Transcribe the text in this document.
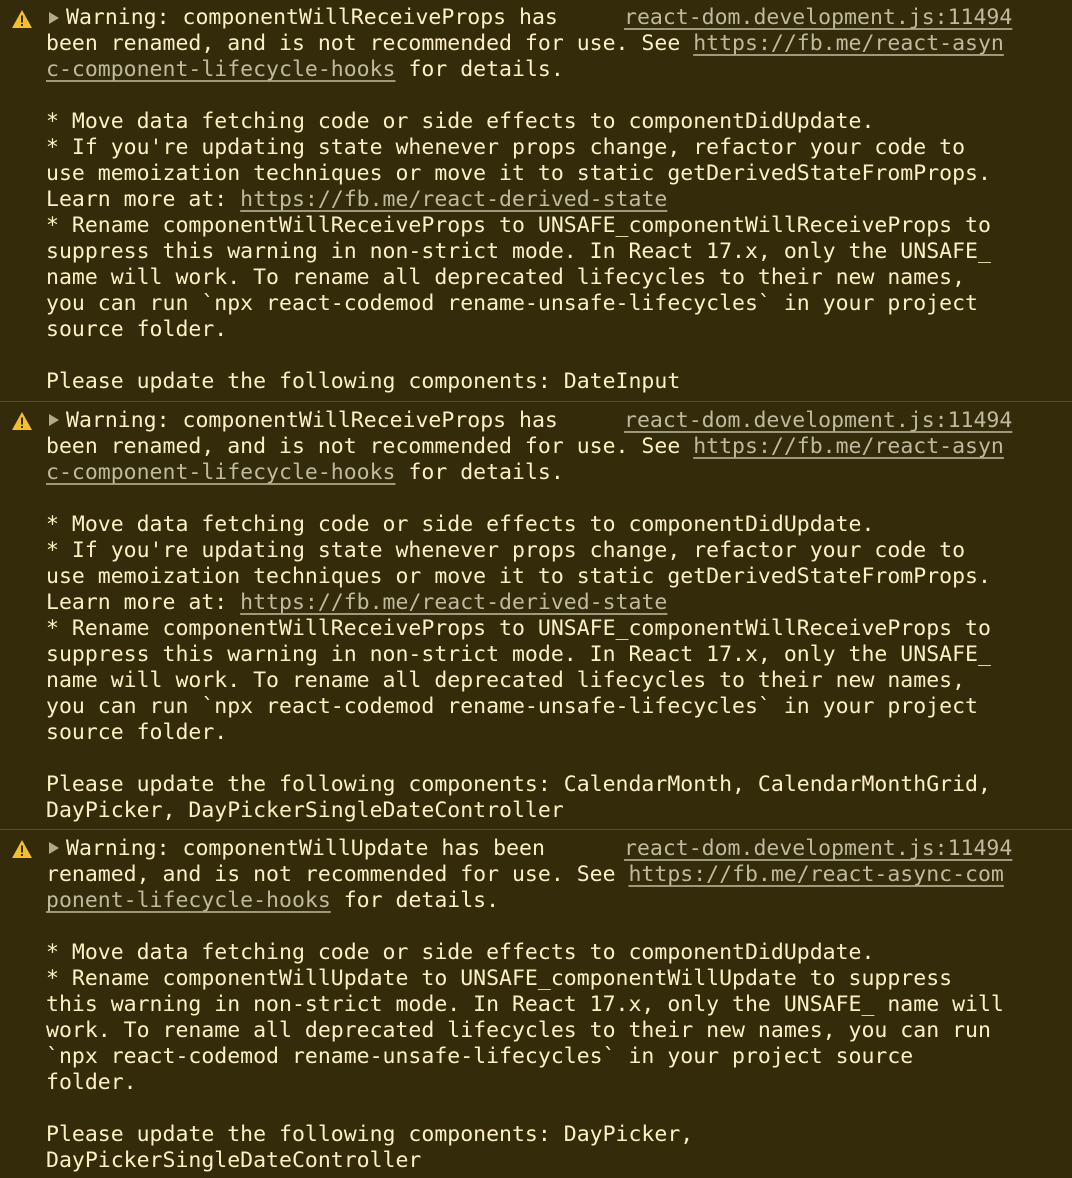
Warning: componentWillReceiveProps has	react-dom.development.js:11494
been renamed, and is not recommended for use. See https://fb.me/react-asyn
c-component-lifecycle-hooks for details.
* Move data fetching code or side effects to componentDidUpdate.
* If you're updating state whenever props change, refactor your code to
use memoization techniques or move it to static getDerivedStateFromProps.
Learn more at: https://fb.me/react-derived-state
* Rename componentWillReceiveProps to UNSAFE_componentWillReceiveProps to
suppress this warning in non-strict mode. In React 17.x, only the UNSAFE_
name will work. To rename all deprecated lifecycles to their new names,
you can run `npx react-codemod rename-unsafe-lifecycles` in your project
source folder.
Please update the following components: DateInput
Warning: componentWillReceiveProps has	react-dom.development.js:11494
been renamed, and is not recommended for use. See https://fb.me/react-asyn
c-component-lifecycle-hooks for details.
* Move data fetching code or side effects to componentDidUpdate.
* If you're updating state whenever props change, refactor your code to
use memoization techniques or move it to static getDerivedStateFromProps.
Learn more at: https://fb.me/react-derived-state
* Rename componentWillReceiveProps to UNSAFE_componentWillReceiveProps to
suppress this warning in non-strict mode. In React 17.x, only the UNSAFE_
name will work. To rename all deprecated lifecycles to their new names,
you can run `npx react-codemod rename-unsafe-lifecycles` in your project
source folder.
Please update the following components: CalendarMonth, CalendarMonthGrid,
DayPicker, DayPickerSingleDateController
Warning: componentWillUpdate has been	react-dom.development.js:11494
renamed, and is not recommended for use. See https://fb.me/react-async-com
ponent-lifecycle-hooks for details.
* Move data fetching code or side effects to componentDidUpdate.
* Rename componentWillUpdate to UNSAFE_componentWillUpdate to suppress
this warning in non-strict mode. In React 17.x, only the UNSAFE_ name will
work. To rename all deprecated lifecycles to their new names, you can run
`npx react-codemod rename-unsafe-lifecycles` in your project source
folder.
Please update the following components: DayPicker,
DayPickerSingleDateController
